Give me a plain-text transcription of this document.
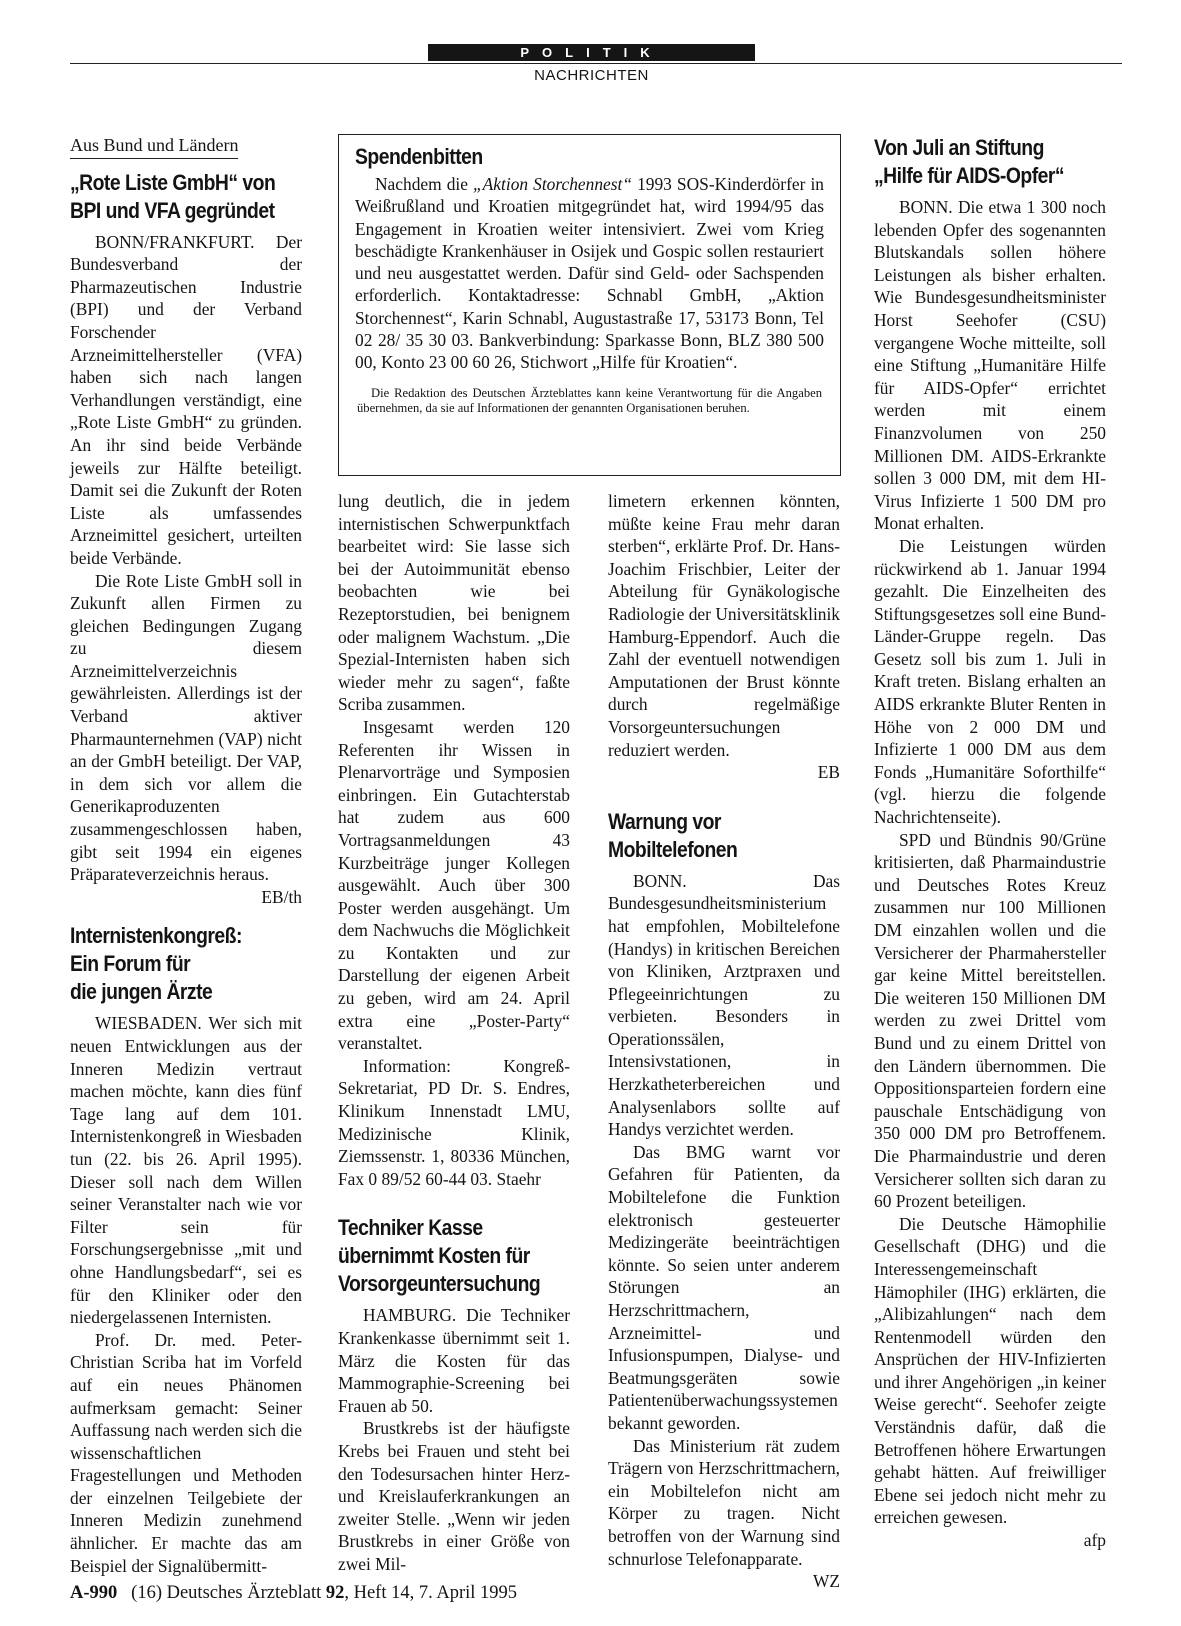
POLITIK
NACHRICHTEN
Aus Bund und Ländern
„Rote Liste GmbH“ von
BPI und VFA gegründet

BONN/FRANKFURT. Der Bundesverband der Pharmazeutischen Industrie (BPI) und der Verband Forschender Arzneimittelhersteller (VFA) haben sich nach langen Verhandlungen verständigt, eine „Rote Liste GmbH“ zu gründen. An ihr sind beide Verbände jeweils zur Hälfte beteiligt. Damit sei die Zukunft der Roten Liste als umfassendes Arzneimittel gesichert, urteilten beide Verbände.

Die Rote Liste GmbH soll in Zukunft allen Firmen zu gleichen Bedingungen Zugang zu diesem Arzneimittelverzeichnis gewährleisten. Allerdings ist der Verband aktiver Pharmaunternehmen (VAP) nicht an der GmbH beteiligt. Der VAP, in dem sich vor allem die Generikaproduzenten zusammengeschlossen haben, gibt seit 1994 ein eigenes Präparateverzeichnis heraus.

EB/th

Internistenkongreß:
Ein Forum für
die jungen Ärzte

WIESBADEN. Wer sich mit neuen Entwicklungen aus der Inneren Medizin vertraut machen möchte, kann dies fünf Tage lang auf dem 101. Internistenkongreß in Wiesbaden tun (22. bis 26. April 1995). Dieser soll nach dem Willen seiner Veranstalter nach wie vor Filter sein für Forschungsergebnisse „mit und ohne Handlungsbedarf“, sei es für den Kliniker oder den niedergelassenen Internisten.

Prof. Dr. med. Peter-Christian Scriba hat im Vorfeld auf ein neues Phänomen aufmerksam gemacht: Seiner Auffassung nach werden sich die wissenschaftlichen Fragestellungen und Methoden der einzelnen Teilgebiete der Inneren Medizin zunehmend ähnlicher. Er machte das am Beispiel der Signalübermitt-

Spendenbitten

Nachdem die „Aktion Storchennest“ 1993 SOS-Kinderdörfer in Weißrußland und Kroatien mitgegründet hat, wird 1994/95 das Engagement in Kroatien weiter intensiviert. Zwei vom Krieg beschädigte Krankenhäuser in Osijek und Gospic sollen restauriert und neu ausgestattet werden. Dafür sind Geld- oder Sachspenden erforderlich. Kontaktadresse: Schnabl GmbH, „Aktion Storchennest“, Karin Schnabl, Augustastraße 17, 53173 Bonn, Tel 02 28/ 35 30 03. Bankverbindung: Sparkasse Bonn, BLZ 380 500 00, Konto 23 00 60 26, Stichwort „Hilfe für Kroatien“.

Die Redaktion des Deutschen Ärzteblattes kann keine Verantwortung für die Angaben übernehmen, da sie auf Informationen der genannten Organisationen beruhen.

lung deutlich, die in jedem internistischen Schwerpunktfach bearbeitet wird: Sie lasse sich bei der Autoimmunität ebenso beobachten wie bei Rezeptorstudien, bei benignem oder malignem Wachstum. „Die Spezial-Internisten haben sich wieder mehr zu sagen“, faßte Scriba zusammen.

Insgesamt werden 120 Referenten ihr Wissen in Plenarvorträge und Symposien einbringen. Ein Gutachterstab hat zudem aus 600 Vortragsanmeldungen 43 Kurzbeiträge junger Kollegen ausgewählt. Auch über 300 Poster werden ausgehängt. Um dem Nachwuchs die Möglichkeit zu Kontakten und zur Darstellung der eigenen Arbeit zu geben, wird am 24. April extra eine „Poster-Party“ veranstaltet.

Information: Kongreß-Sekretariat, PD Dr. S. Endres, Klinikum Innenstadt LMU, Medizinische Klinik, Ziemssenstr. 1, 80336 München, Fax 0 89/52 60-44 03. Staehr

Techniker Kasse
übernimmt Kosten für
Vorsorgeuntersuchung

HAMBURG. Die Techniker Krankenkasse übernimmt seit 1. März die Kosten für das Mammographie-Screening bei Frauen ab 50.

Brustkrebs ist der häufigste Krebs bei Frauen und steht bei den Todesursachen hinter Herz- und Kreislauferkrankungen an zweiter Stelle. „Wenn wir jeden Brustkrebs in einer Größe von zwei Mil-

limetern erkennen könnten, müßte keine Frau mehr daran sterben“, erklärte Prof. Dr. Hans-Joachim Frischbier, Leiter der Abteilung für Gynäkologische Radiologie der Universitätsklinik Hamburg-Eppendorf. Auch die Zahl der eventuell notwendigen Amputationen der Brust könnte durch regelmäßige Vorsorgeuntersuchungen reduziert werden.

EB

Warnung vor
Mobiltelefonen

BONN. Das Bundesgesundheitsministerium hat empfohlen, Mobiltelefone (Handys) in kritischen Bereichen von Kliniken, Arztpraxen und Pflegeeinrichtungen zu verbieten. Besonders in Operationssälen, Intensivstationen, in Herzkatheterbereichen und Analysenlabors sollte auf Handys verzichtet werden.

Das BMG warnt vor Gefahren für Patienten, da Mobiltelefone die Funktion elektronisch gesteuerter Medizingeräte beeinträchtigen könnte. So seien unter anderem Störungen an Herzschrittmachern, Arzneimittel- und Infusionspumpen, Dialyse- und Beatmungsgeräten sowie Patientenüberwachungssystemen bekannt geworden.

Das Ministerium rät zudem Trägern von Herzschrittmachern, ein Mobiltelefon nicht am Körper zu tragen. Nicht betroffen von der Warnung sind schnurlose Telefonapparate.

WZ

Von Juli an Stiftung
„Hilfe für AIDS-Opfer“

BONN. Die etwa 1 300 noch lebenden Opfer des sogenannten Blutskandals sollen höhere Leistungen als bisher erhalten. Wie Bundesgesundheitsminister Horst Seehofer (CSU) vergangene Woche mitteilte, soll eine Stiftung „Humanitäre Hilfe für AIDS-Opfer“ errichtet werden mit einem Finanzvolumen von 250 Millionen DM. AIDS-Erkrankte sollen 3 000 DM, mit dem HI-Virus Infizierte 1 500 DM pro Monat erhalten.

Die Leistungen würden rückwirkend ab 1. Januar 1994 gezahlt. Die Einzelheiten des Stiftungsgesetzes soll eine Bund-Länder-Gruppe regeln. Das Gesetz soll bis zum 1. Juli in Kraft treten. Bislang erhalten an AIDS erkrankte Bluter Renten in Höhe von 2 000 DM und Infizierte 1 000 DM aus dem Fonds „Humanitäre Soforthilfe“ (vgl. hierzu die folgende Nachrichtenseite).

SPD und Bündnis 90/Grüne kritisierten, daß Pharmaindustrie und Deutsches Rotes Kreuz zusammen nur 100 Millionen DM einzahlen wollen und die Versicherer der Pharmahersteller gar keine Mittel bereitstellen. Die weiteren 150 Millionen DM werden zu zwei Drittel vom Bund und zu einem Drittel von den Ländern übernommen. Die Oppositionsparteien fordern eine pauschale Entschädigung von 350 000 DM pro Betroffenem. Die Pharmaindustrie und deren Versicherer sollten sich daran zu 60 Prozent beteiligen.

Die Deutsche Hämophilie Gesellschaft (DHG) und die Interessengemeinschaft Hämophiler (IHG) erklärten, die „Alibizahlungen“ nach dem Rentenmodell würden den Ansprüchen der HIV-Infizierten und ihrer Angehörigen „in keiner Weise gerecht“. Seehofer zeigte Verständnis dafür, daß die Betroffenen höhere Erwartungen gehabt hätten. Auf freiwilliger Ebene sei jedoch nicht mehr zu erreichen gewesen.

afp

A-990 (16) Deutsches Ärzteblatt 92, Heft 14, 7. April 1995
